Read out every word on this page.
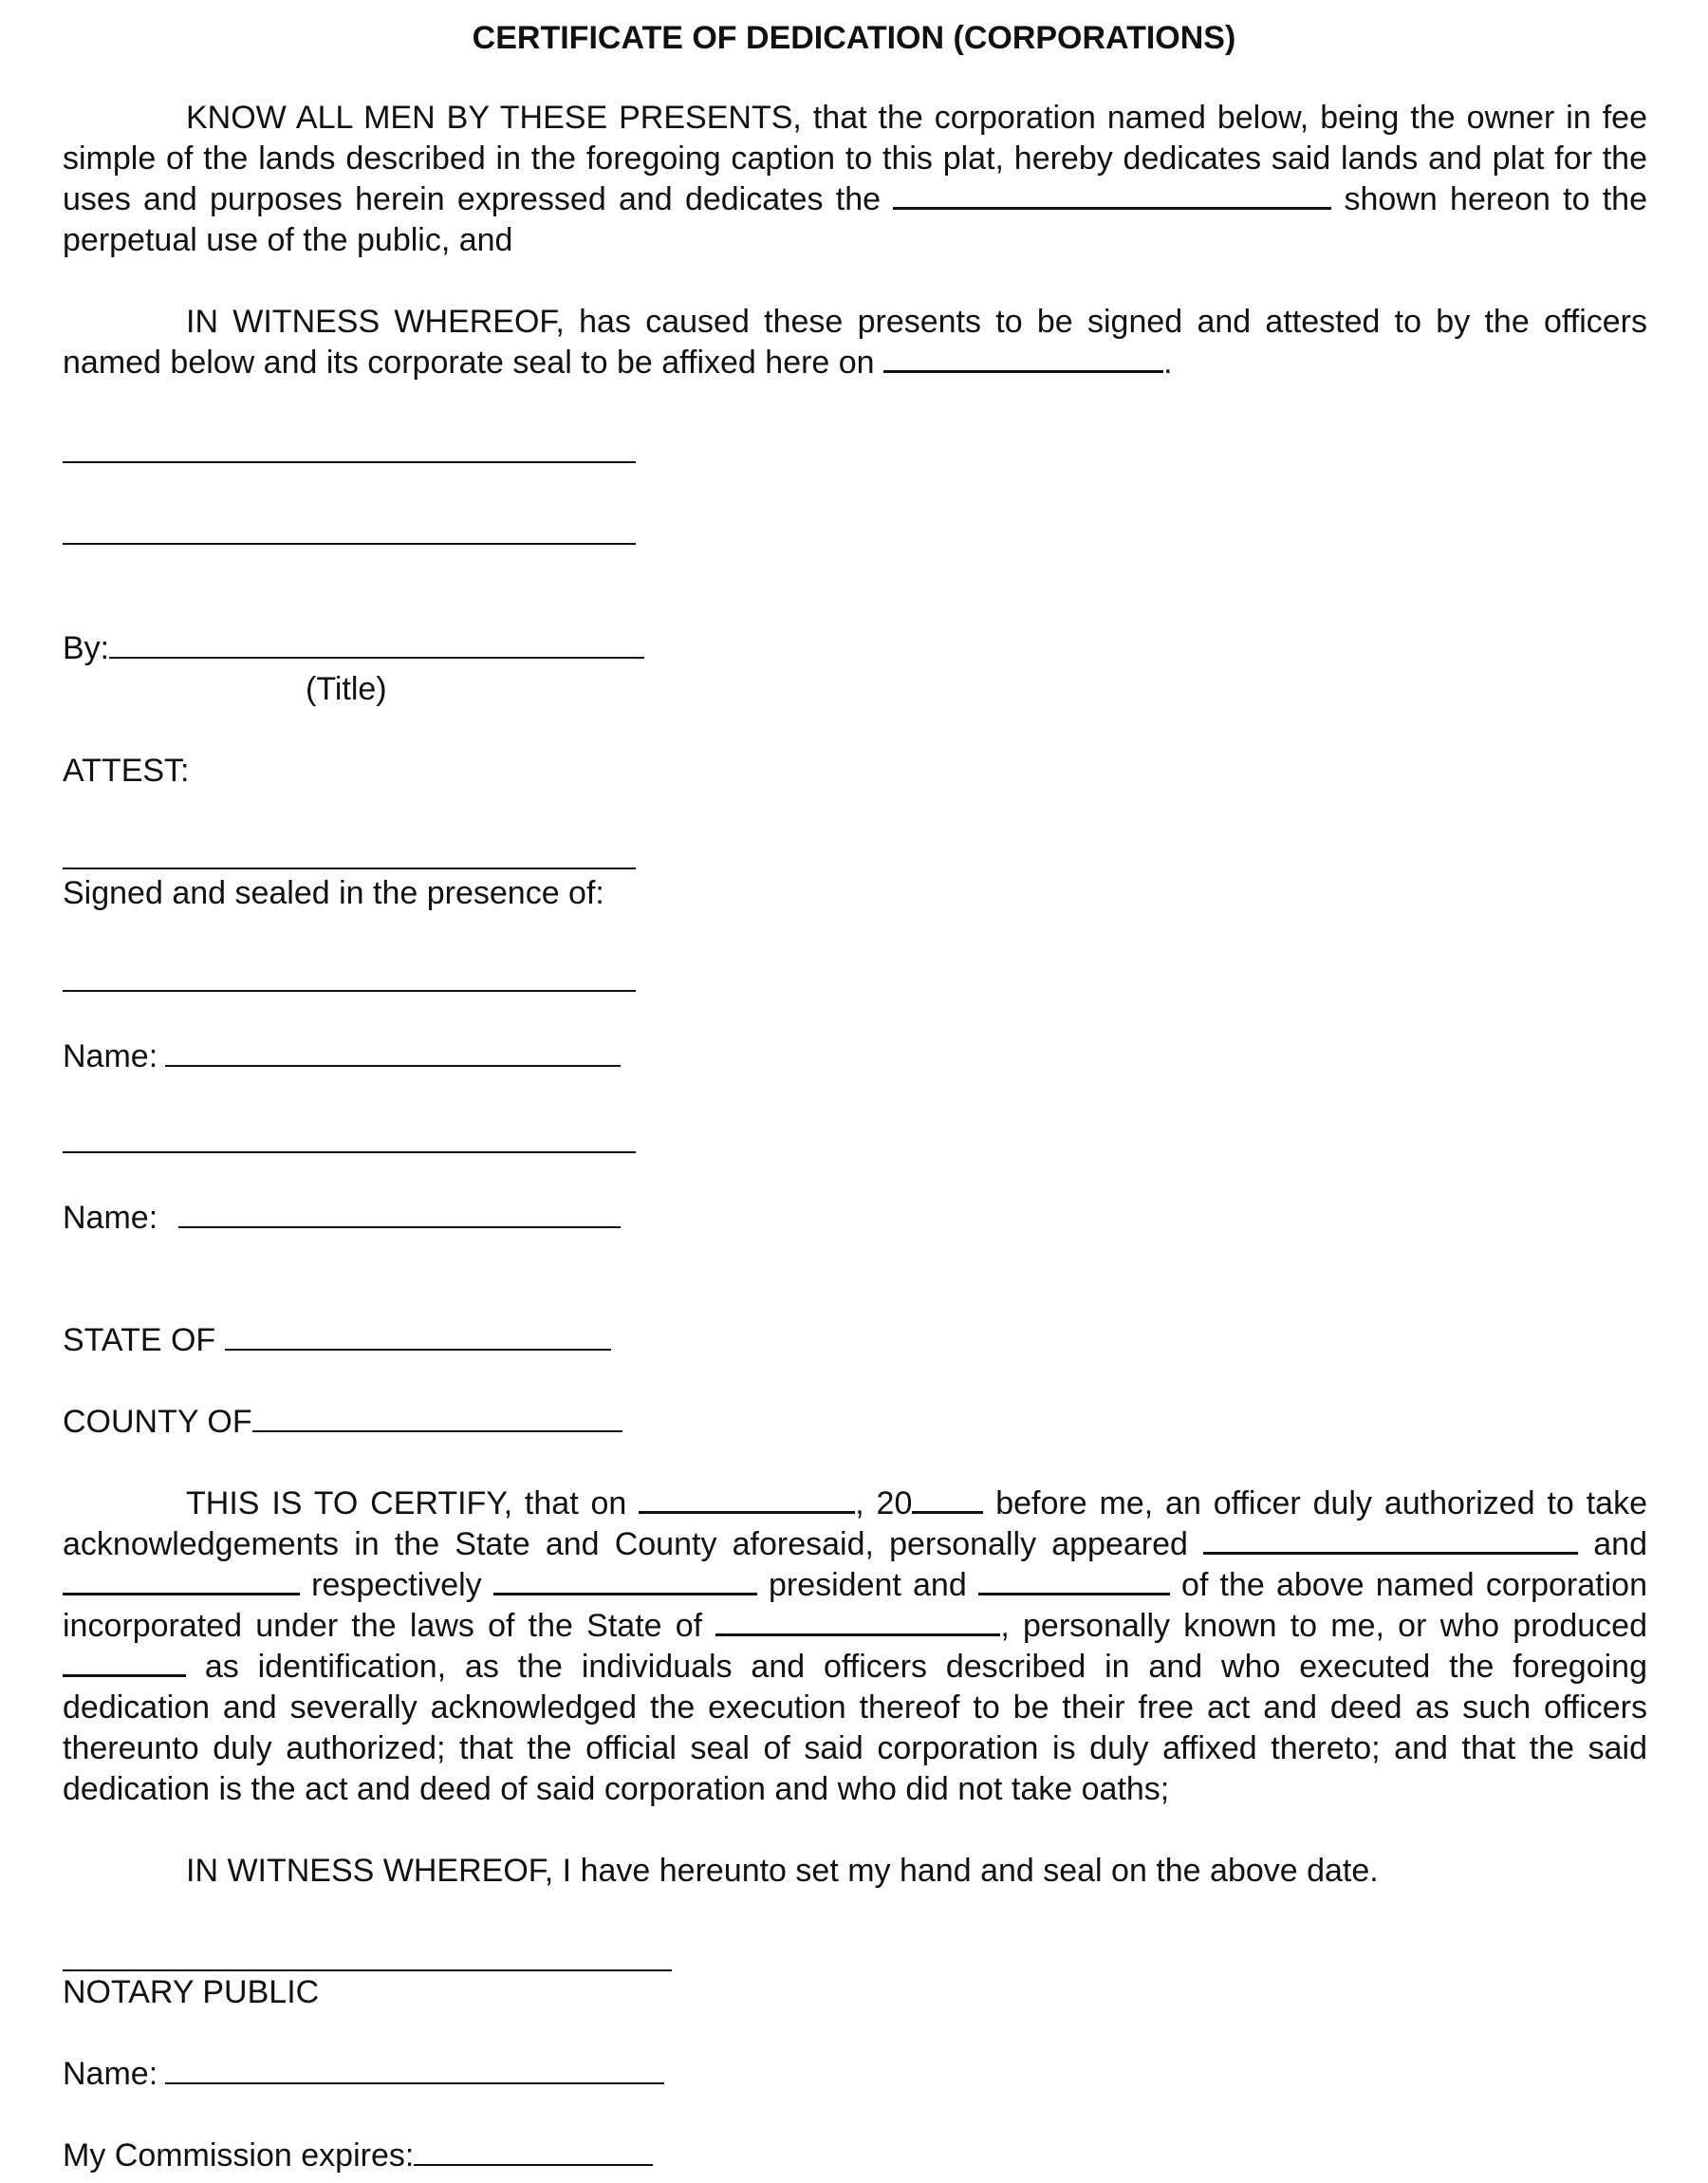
CERTIFICATE OF DEDICATION (CORPORATIONS)
KNOW ALL MEN BY THESE PRESENTS, that the corporation named below, being the owner in fee simple of the lands described in the foregoing caption to this plat, hereby dedicates said lands and plat for the uses and purposes herein expressed and dedicates the	shown hereon to the perpetual use of the public, and
IN WITNESS WHEREOF, has caused these presents to be signed and attested to by the officers named below and its corporate seal to be affixed here on	.
By:
(Title)
ATTEST:
Signed and sealed in the presence of:
Name:
Name:
STATE OF
COUNTY OF
THIS IS TO CERTIFY, that on	, 20	before me, an officer duly authorized to take acknowledgements in the State and County aforesaid, personally appeared	and  respectively	president and	of the above named corporation incorporated under the laws of the State of	, personally known to me, or who produced  as identification, as the individuals and officers described in and who executed the foregoing dedication and severally acknowledged the execution thereof to be their free act and deed as such officers thereunto duly authorized; that the official seal of said corporation is duly affixed thereto; and that the said dedication is the act and deed of said corporation and who did not take oaths;
IN WITNESS WHEREOF, I have hereunto set my hand and seal on the above date.
NOTARY PUBLIC
Name:
My Commission expires:
